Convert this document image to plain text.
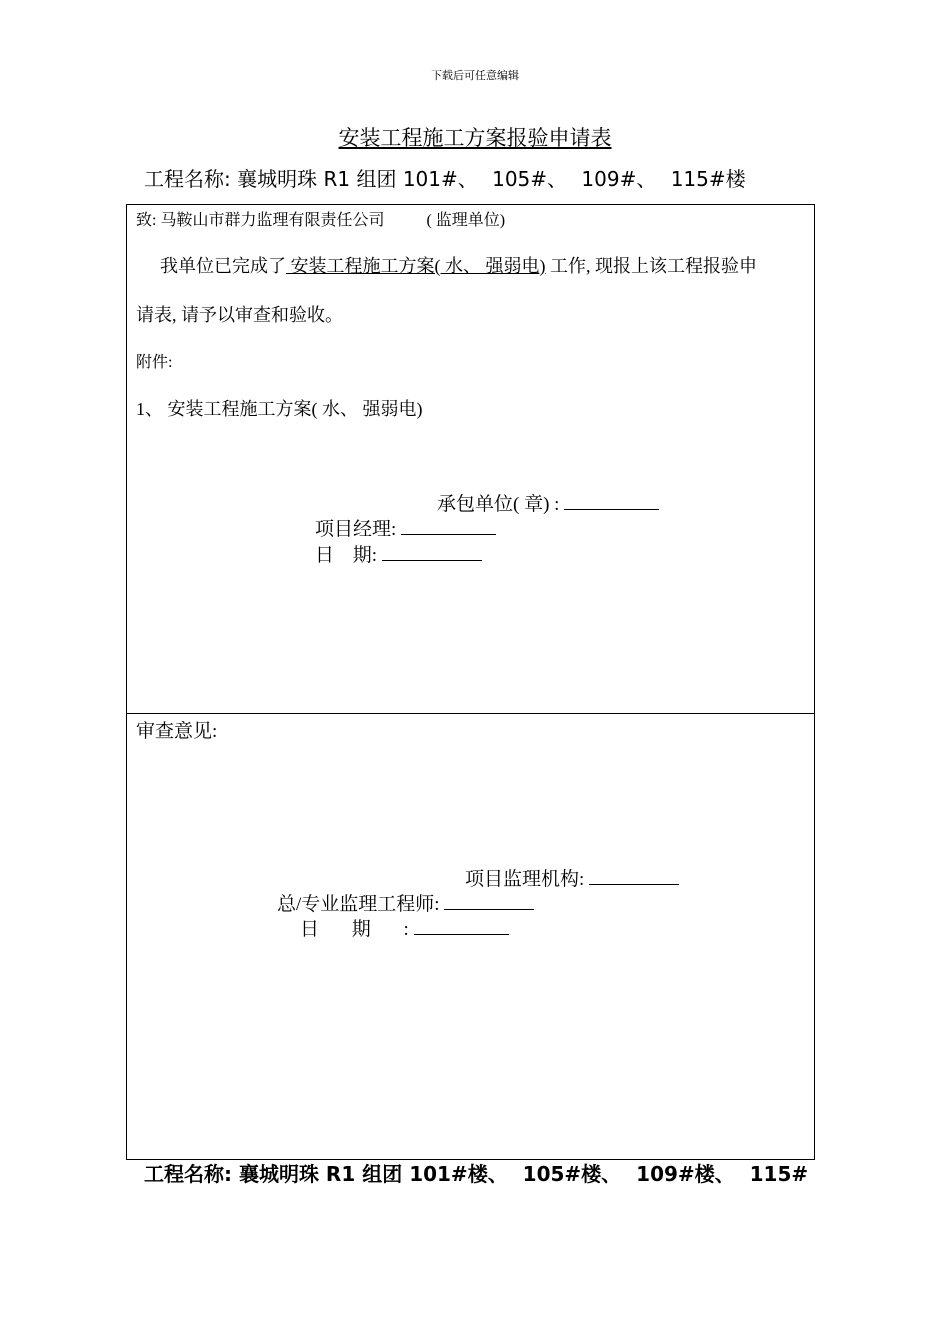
下载后可任意编辑
安装工程施工方案报验申请表
工程名称: 襄城明珠 R1 组团 101#、 105#、 109#、 115#楼
致: 马鞍山市群力监理有限责任公司	( 监理单位)
我单位已完成了 安装工程施工方案( 水、 强弱电) 工作, 现报上该工程报验申
请表, 请予以审查和验收。
附件:
1、 安装工程施工方案( 水、 强弱电)
承包单位( 章) :
项目经理:
日 期:
审查意见:
项目监理机构:
总/专业监理工程师:
日 期 :
工程名称: 襄城明珠 R1 组团 101#楼、 105#楼、 109#楼、 115#
